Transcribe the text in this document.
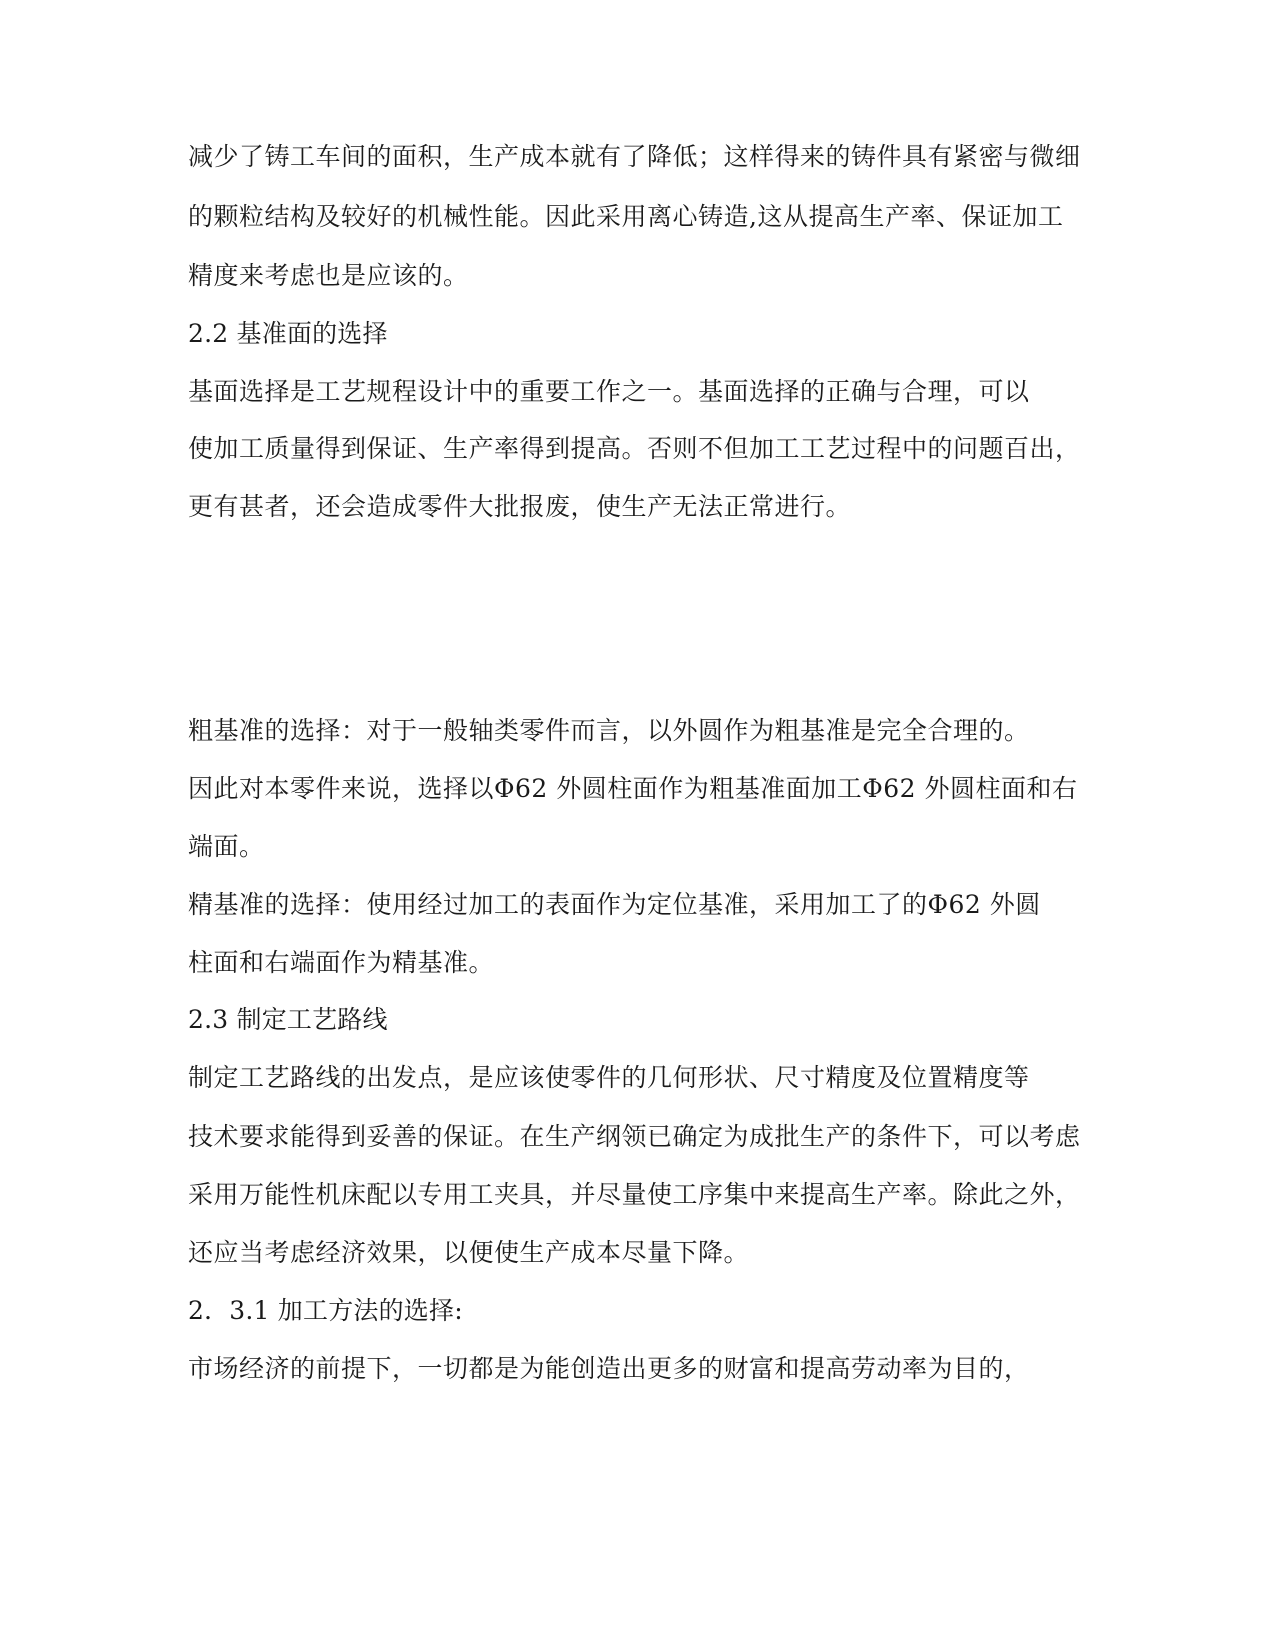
减少了铸工车间的面积，生产成本就有了降低；这样得来的铸件具有紧密与微细
的颗粒结构及较好的机械性能。因此采用离心铸造,这从提高生产率、保证加工
精度来考虑也是应该的。
2.2 基准面的选择
基面选择是工艺规程设计中的重要工作之一。基面选择的正确与合理，可以
使加工质量得到保证、生产率得到提高。否则不但加工工艺过程中的问题百出，
更有甚者，还会造成零件大批报废，使生产无法正常进行。
粗基准的选择：对于一般轴类零件而言，以外圆作为粗基准是完全合理的。
因此对本零件来说，选择以Φ62 外圆柱面作为粗基准面加工Φ62 外圆柱面和右
端面。
精基准的选择：使用经过加工的表面作为定位基准，采用加工了的Φ62 外圆
柱面和右端面作为精基准。
2.3 制定工艺路线
制定工艺路线的出发点，是应该使零件的几何形状、尺寸精度及位置精度等
技术要求能得到妥善的保证。在生产纲领已确定为成批生产的条件下，可以考虑
采用万能性机床配以专用工夹具，并尽量使工序集中来提高生产率。除此之外，
还应当考虑经济效果，以便使生产成本尽量下降。
2．3.1 加工方法的选择:
市场经济的前提下，一切都是为能创造出更多的财富和提高劳动率为目的，
